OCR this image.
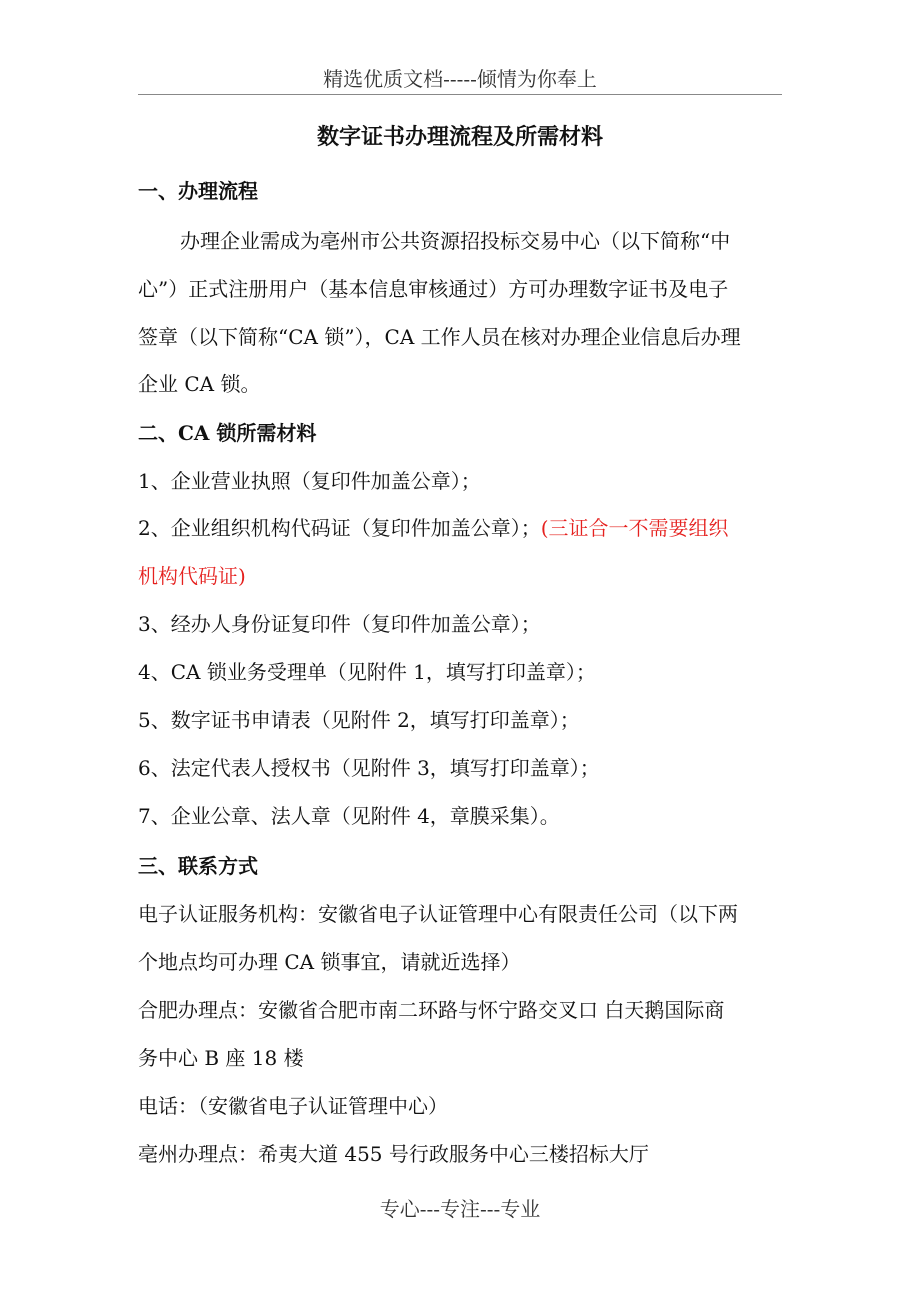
精选优质文档-----倾情为你奉上
数字证书办理流程及所需材料
一、办理流程
办理企业需成为亳州市公共资源招投标交易中心（以下简称“中
心”）正式注册用户（基本信息审核通过）方可办理数字证书及电子
签章（以下简称“CA 锁”），CA 工作人员在核对办理企业信息后办理
企业 CA 锁。
二、CA 锁所需材料
1、企业营业执照（复印件加盖公章）；
2、企业组织机构代码证（复印件加盖公章）；(三证合一不需要组织
机构代码证)
3、经办人身份证复印件（复印件加盖公章）；
4、CA 锁业务受理单（见附件 1，填写打印盖章）；
5、数字证书申请表（见附件 2，填写打印盖章）；
6、法定代表人授权书（见附件 3，填写打印盖章）；
7、企业公章、法人章（见附件 4，章膜采集）。
三、联系方式
电子认证服务机构：安徽省电子认证管理中心有限责任公司（以下两
个地点均可办理 CA 锁事宜，请就近选择）
合肥办理点：安徽省合肥市南二环路与怀宁路交叉口 白天鹅国际商
务中心 B 座 18 楼
电话：（安徽省电子认证管理中心）
亳州办理点：希夷大道 455 号行政服务中心三楼招标大厅
专心---专注---专业
